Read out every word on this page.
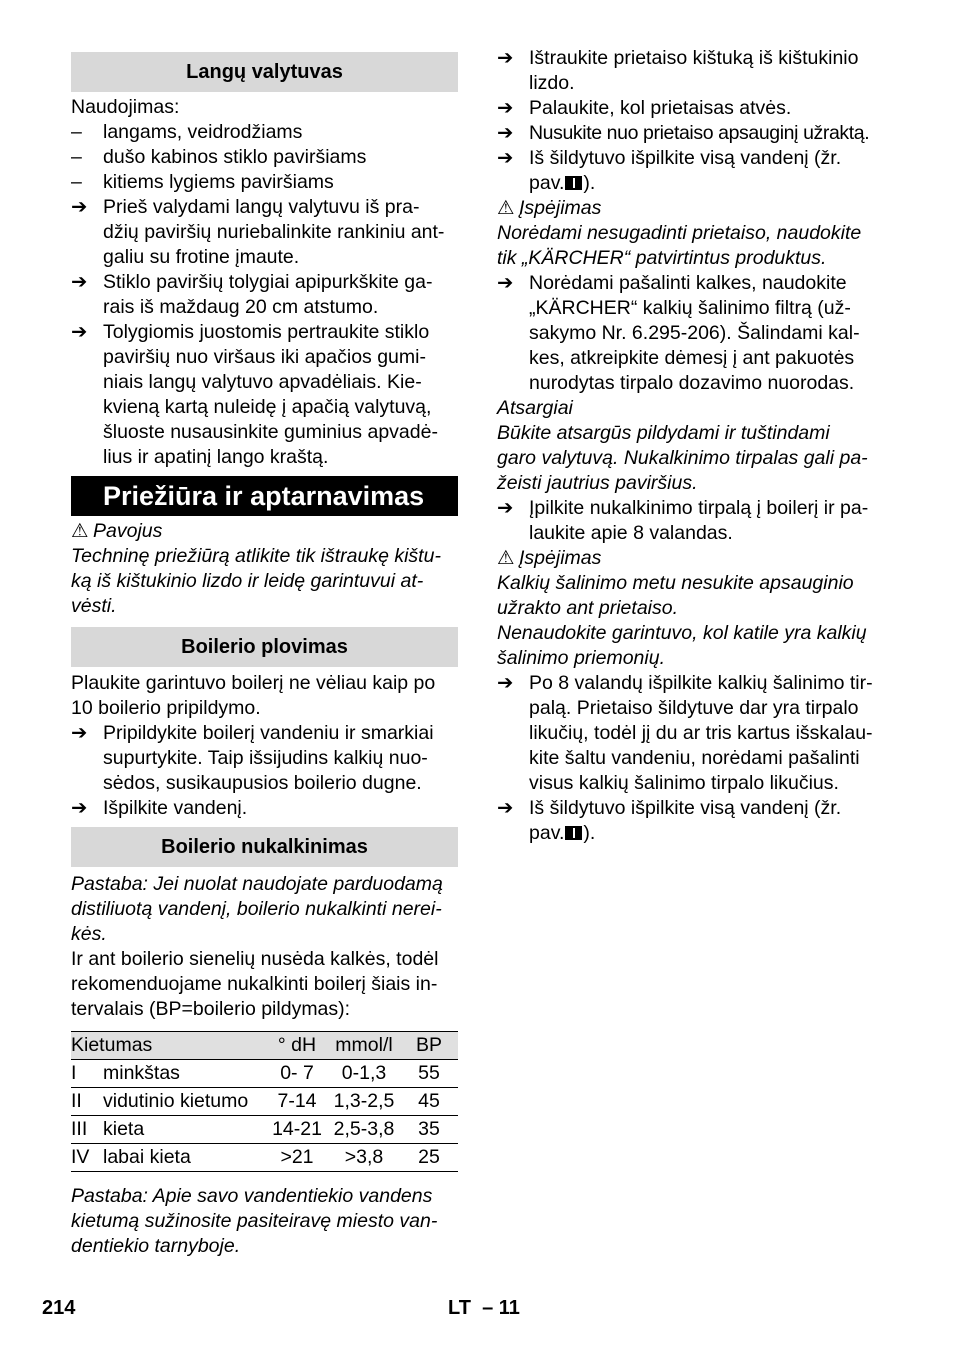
Langų valytuvas
Naudojimas:
–	langams, veidrodžiams
–	dušo kabinos stiklo paviršiams
–	kitiems lygiems paviršiams
➔ Prieš valydami langų valytuvu iš pra-
džių paviršių nuriebalinkite rankiniu ant-
galiu su frotine įmaute.
➔ Stiklo paviršių tolygiai apipurkškite ga-
rais iš maždaug 20 cm atstumo.
➔ Tolygiomis juostomis pertraukite stiklo
paviršių nuo viršaus iki apačios gumi-
niais langų valytuvo apvadėliais. Kie-
kvieną kartą nuleidę į apačią valytuvą,
šluoste nusausinkite guminius apvadė-
lius ir apatinį lango kraštą.
Priežiūra ir aptarnavimas
⚠ Pavojus
Techninę priežiūrą atlikite tik ištraukę kištu-
ką iš kištukinio lizdo ir leidę garintuvui at-
vėsti.
Boilerio plovimas
Plaukite garintuvo boilerį ne vėliau kaip po
10 boilerio pripildymo.
➔ Pripildykite boilerį vandeniu ir smarkiai
supurtykite. Taip išsijudins kalkių nuo-
sėdos, susikaupusios boilerio dugne.
➔ Išpilkite vandenį.
Boilerio nukalkinimas
Pastaba: Jei nuolat naudojate parduodamą
distiliuotą vandenį, boilerio nukalkinti nerei-
kės.
Ir ant boilerio sienelių nusėda kalkės, todėl
rekomenduojame nukalkinti boilerį šiais in-
tervalais (BP=boilerio pildymas):
Kietumas		° dH	mmol/l	BP
I	minkštas	0- 7	0-1,3	55
II	vidutinio kietumo	7-14	1,3-2,5	45
III	kieta	14-21	2,5-3,8	35
IV	labai kieta	>21	>3,8	25
Pastaba: Apie savo vandentiekio vandens
kietumą sužinosite pasiteiravę miesto van-
dentiekio tarnyboje.
➔ Ištraukite prietaiso kištuką iš kištukinio
lizdo.
➔ Palaukite, kol prietaisas atvės.
➔ Nusukite nuo prietaiso apsauginį užraktą.
➔ Iš šildytuvo išpilkite visą vandenį (žr.
pav. ).
⚠ Įspėjimas
Norėdami nesugadinti prietaiso, naudokite
tik „KÄRCHER“ patvirtintus produktus.
➔ Norėdami pašalinti kalkes, naudokite
„KÄRCHER“ kalkių šalinimo filtrą (už-
sakymo Nr. 6.295-206). Šalindami kal-
kes, atkreipkite dėmesį į ant pakuotės
nurodytas tirpalo dozavimo nuorodas.
Atsargiai
Būkite atsargūs pildydami ir tuštindami
garo valytuvą. Nukalkinimo tirpalas gali pa-
žeisti jautrius paviršius.
➔ Įpilkite nukalkinimo tirpalą į boilerį ir pa-
laukite apie 8 valandas.
⚠ Įspėjimas
Kalkių šalinimo metu nesukite apsauginio
užrakto ant prietaiso.
Nenaudokite garintuvo, kol katile yra kalkių
šalinimo priemonių.
➔ Po 8 valandų išpilkite kalkių šalinimo tir-
palą. Prietaiso šildytuve dar yra tirpalo
likučių, todėl jį du ar tris kartus išskalau-
kite šaltu vandeniu, norėdami pašalinti
visus kalkių šalinimo tirpalo likučius.
➔ Iš šildytuvo išpilkite visą vandenį (žr.
pav. ).
214	LT  – 11
